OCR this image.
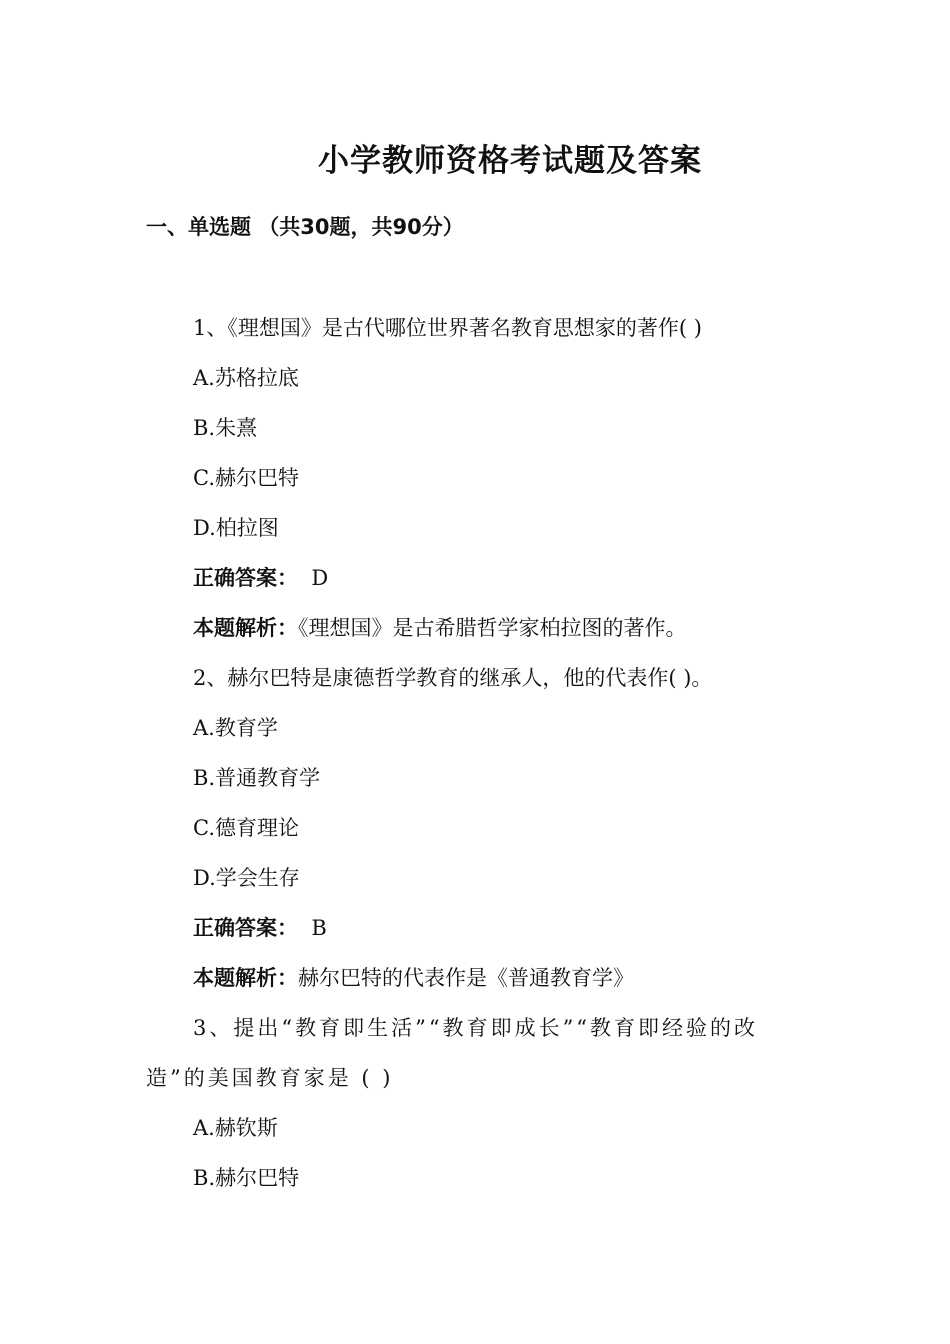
小学教师资格考试题及答案
一、单选题 （共30题，共90分）
1、《理想国》是古代哪位世界著名教育思想家的著作( )
A.苏格拉底
B.朱熹
C.赫尔巴特
D.柏拉图
正确答案： D
本题解析：《理想国》是古希腊哲学家柏拉图的著作。
2、赫尔巴特是康德哲学教育的继承人，他的代表作( )。
A.教育学
B.普通教育学
C.德育理论
D.学会生存
正确答案： B
本题解析：赫尔巴特的代表作是《普通教育学》
3、提出“教育即生活”“教育即成长”“教育即经验的改造”的美国教育家是 ( )
A.赫钦斯
B.赫尔巴特
